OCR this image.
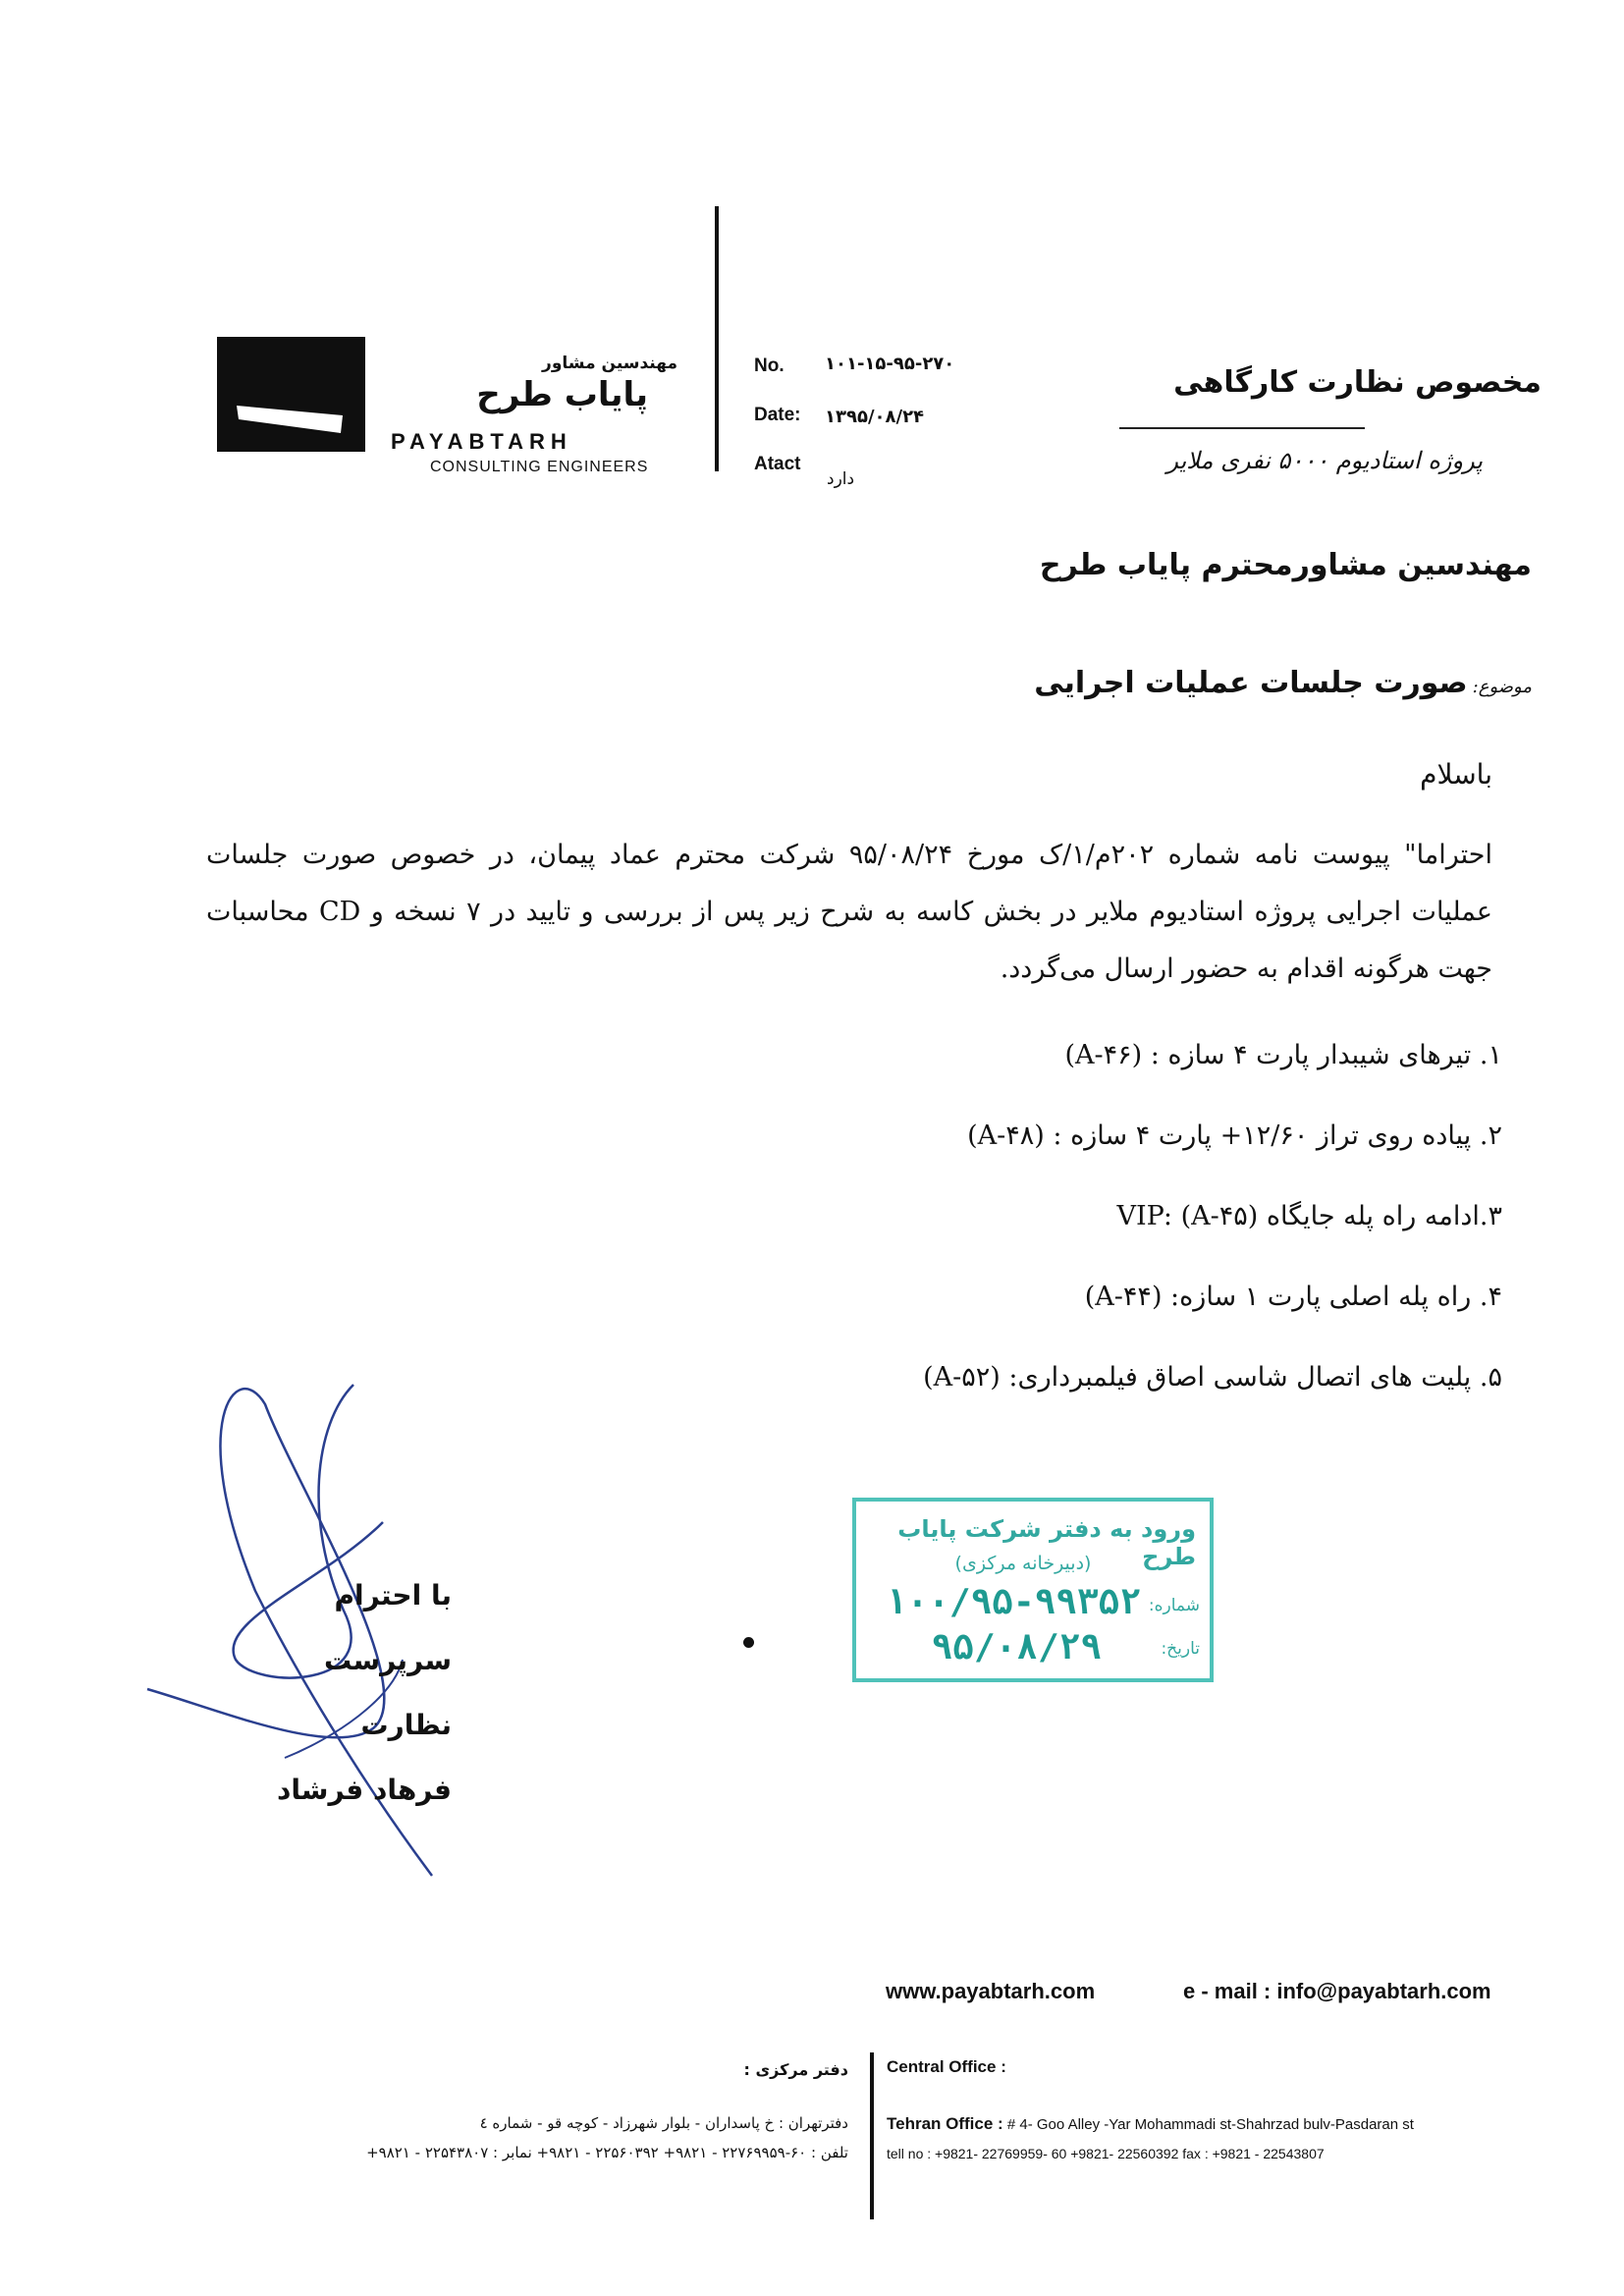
مهندسین مشاور
پایاب طرح
PAYABTARH
CONSULTING ENGINEERS
No. ۱۰۱-۱۵-۹۵-۲۷۰
Date: ۱۳۹۵/۰۸/۲۴
Atact
دارد
مخصوص نظارت کارگاهی
پروژه استادیوم ۵۰۰۰ نفری ملایر
مهندسین مشاورمحترم پایاب طرح
موضوع: صورت جلسات عملیات اجرایی
باسلام
احتراما" پیوست نامه شماره ۲۰۲م/۱/ک مورخ ۹۵/۰۸/۲۴ شرکت محترم عماد پیمان، در خصوص صورت جلسات عملیات اجرایی پروژه استادیوم ملایر در بخش کاسه به شرح زیر پس از بررسی و تایید در ۷ نسخه و CD محاسبات جهت هرگونه اقدام به حضور ارسال می‌گردد.
۱. تیرهای شیبدار پارت ۴ سازه : (A-۴۶)
۲. پیاده روی تراز ۱۲/۶۰+ پارت ۴ سازه : (A-۴۸)
۳.ادامه راه پله جایگاه VIP: (A-۴۵)
۴. راه پله اصلی پارت ۱ سازه: (A-۴۴)
۵. پلیت های اتصال شاسی اصاق فیلمبرداری: (A-۵۲)
با احترام
سرپرست نظارت
فرهاد فرشاد
ورود به دفتر شرکت پایاب طرح
(دبیرخانه مرکزی)
شماره:
۱۰۰/۹۵-۹۹۳۵۲
تاریخ:
۹۵/۰۸/۲۹
www.payabtarh.com	e - mail : info@payabtarh.com
Central Office :
Tehran Office : # 4- Goo Alley -Yar Mohammadi st-Shahrzad bulv-Pasdaran st
tell no : +9821- 22769959- 60 +9821- 22560392 fax : +9821 - 22543807
دفتر مرکزی :
دفترتهران : خ پاسداران - بلوار شهرزاد - کوچه قو - شماره ٤
تلفن : ۶۰-۲۲۷۶۹۹۵۹ - ۹۸۲۱+ ۲۲۵۶۰۳۹۲ - ۹۸۲۱+ نمابر : ۲۲۵۴۳۸۰۷ - ۹۸۲۱+
